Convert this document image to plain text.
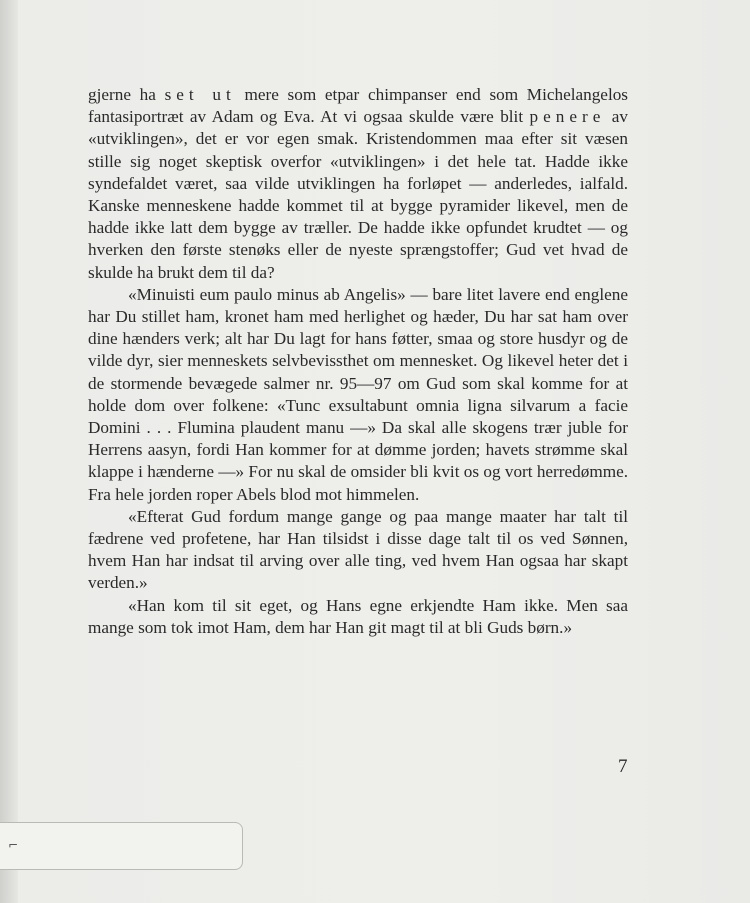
gjerne ha set ut mere som etpar chimpanser end som Michelangelos fantasiportræt av Adam og Eva. At vi ogsaa skulde være blit penere av «utviklingen», det er vor egen smak. Kristendommen maa efter sit væsen stille sig noget skeptisk overfor «utviklingen» i det hele tat. Hadde ikke syndefaldet været, saa vilde utviklingen ha forløpet — anderledes, ialfald. Kanske menneskene hadde kommet til at bygge pyramider likevel, men de hadde ikke latt dem bygge av træller. De hadde ikke opfundet krudtet — og hverken den første stenøks eller de nyeste sprængstoffer; Gud vet hvad de skulde ha brukt dem til da?

«Minuisti eum paulo minus ab Angelis» — bare litet lavere end englene har Du stillet ham, kronet ham med herlighet og hæder, Du har sat ham over dine hænders verk; alt har Du lagt for hans føtter, smaa og store husdyr og de vilde dyr, sier menneskets selvbevissthet om mennesket. Og likevel heter det i de stormende bevægede salmer nr. 95—97 om Gud som skal komme for at holde dom over folkene: «Tunc exsultabunt omnia ligna silvarum a facie Domini . . . Flumina plaudent manu —» Da skal alle skogens trær juble for Herrens aasyn, fordi Han kommer for at dømme jorden; havets strømme skal klappe i hænderne —» For nu skal de omsider bli kvit os og vort herredømme. Fra hele jorden roper Abels blod mot himmelen.

«Efterat Gud fordum mange gange og paa mange maater har talt til fædrene ved profetene, har Han tilsidst i disse dage talt til os ved Sønnen, hvem Han har indsat til arving over alle ting, ved hvem Han ogsaa har skapt verden.»

«Han kom til sit eget, og Hans egne erkjendte Ham ikke. Men saa mange som tok imot Ham, dem har Han git magt til at bli Guds børn.»

7
⌐
